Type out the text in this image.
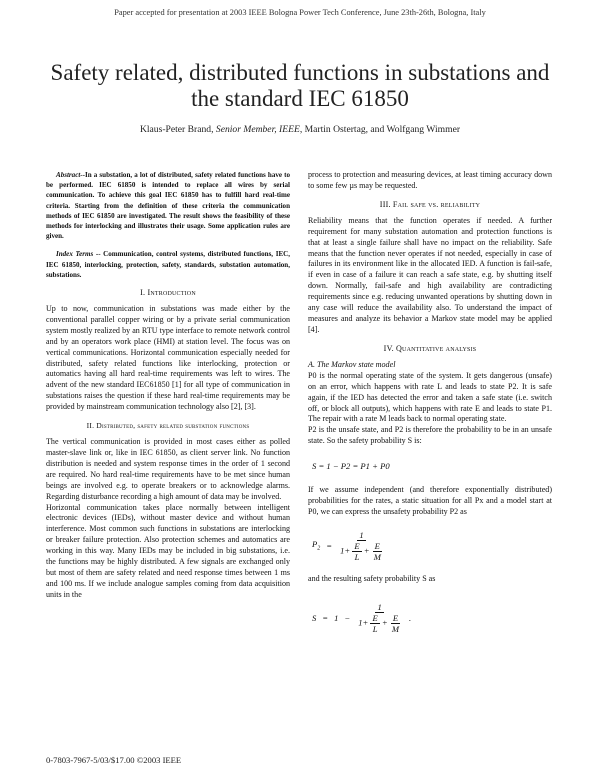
Paper accepted for presentation at 2003 IEEE Bologna Power Tech Conference, June 23th-26th, Bologna, Italy
Safety related, distributed functions in substations and the standard IEC 61850
Klaus-Peter Brand, Senior Member, IEEE, Martin Ostertag, and Wolfgang Wimmer

Abstract--In a substation, a lot of distributed, safety related functions have to be performed. IEC 61850 is intended to replace all wires by serial communication. To achieve this goal IEC 61850 has to fulfill hard real-time criteria. Starting from the definition of these criteria the communication methods of IEC 61850 are investigated. The result shows the feasibility of these methods for interlocking and illustrates their usage. Some application rules are given.

Index Terms -- Communication, control systems, distributed functions, IEC, IEC 61850, interlocking, protection, safety, standards, substation automation, substations.

I. Introduction

Up to now, communication in substations was made either by the conventional parallel copper wiring or by a private serial communication system mostly realized by an RTU type interface to remote network control and by an operators work place (HMI) at station level. The focus was on vertical communications. Horizontal communication especially needed for distributed, safety related functions like interlocking, protection or automatics having all hard real-time requirements was left to wires. The advent of the new standard IEC61850 [1] for all type of communication in substations raises the question if these hard real-time requirements may be provided by mainstream communication technology also [2], [3].

II. Distributed, safety related substation functions

The vertical communication is provided in most cases either as polled master-slave link or, like in IEC 61850, as client server link. No function distribution is needed and system response times in the order of 1 second are required. No hard real-time requirements have to be met since human beings are involved e.g. to operate breakers or to acknowledge alarms. Regarding disturbance recording a high amount of data may be involved.

Horizontal communication takes place normally between intelligent electronic devices (IEDs), without master device and without human interference. Most common such functions in substations are interlocking or breaker failure protection. Also protection schemes and automatics are working in this way. Many IEDs may be included in big substations, i.e. the functions may be highly distributed. A few signals are exchanged only but most of them are safety related and need response times between 1 ms and 100 ms. If we include analogue samples coming from data acquisition units in the

process to protection and measuring devices, at least timing accuracy down to some few µs may be requested.

III. Fail safe vs. reliability

Reliability means that the function operates if needed. A further requirement for many substation automation and protection functions is that at least a single failure shall have no impact on the reliability. Safe means that the function never operates if not needed, especially in case of failures in its environment like in the allocated IED. A function is fail-safe, if even in case of a failure it can reach a safe state, e.g. by shutting itself down. Normally, fail-safe and high availability are contradicting requirements since e.g. reducing unwanted operations by shutting down in any case will reduce the availability also. To understand the impact of measures and analyze its behavior a Markov state model may be applied [4].

IV. Quantitative analysis
A. The Markov state model

P0 is the normal operating state of the system. It gets dangerous (unsafe) on an error, which happens with rate L and leads to state P2. It is safe again, if the IED has detected the error and taken a safe state (i.e. switch off, or block all outputs), which happens with rate E and leads to state P1. The repair with a rate M leads back to normal operating state.

P2 is the unsafe state, and P2 is therefore the probability to be in an unsafe state. So the safety probability S is:

S = 1 − P2 = P1 + P0

If we assume independent (and therefore exponentially distributed) probabilities for the rates, a static situation for all Px and a model start at P0, we can express the unsafety probability P2 as

$P_2 = \frac{1}{1+ \frac{E}{L} + \frac{E}{M}}$

and the resulting safety probability S as

$S = 1 - \frac{1}{1+ \frac{E}{L} + \frac{E}{M}}$ .
0-7803-7967-5/03/$17.00 ©2003 IEEE
